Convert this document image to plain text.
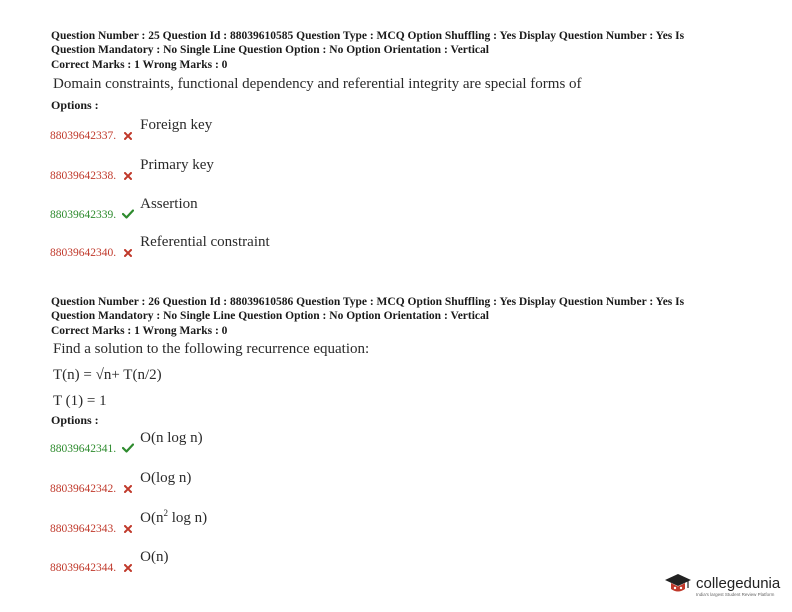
Question Number : 25 Question Id : 88039610585 Question Type : MCQ Option Shuffling : Yes Display Question Number : Yes Is
Question Mandatory : No Single Line Question Option : No Option Orientation : Vertical
Correct Marks : 1 Wrong Marks : 0
Domain constraints, functional dependency and referential integrity are special forms of
Options :
88039642337.
Foreign key
88039642338.
Primary key
88039642339.
Assertion
88039642340.
Referential constraint
Question Number : 26 Question Id : 88039610586 Question Type : MCQ Option Shuffling : Yes Display Question Number : Yes Is
Question Mandatory : No Single Line Question Option : No Option Orientation : Vertical
Correct Marks : 1 Wrong Marks : 0
Find a solution to the following recurrence equation:
T(n) = √n+ T(n/2)
T (1) = 1
Options :
88039642341.
O(n log n)
88039642342.
O(log n)
88039642343.
$O(n^2$ log n)
88039642344.
O(n)
collegedunia
India's largest Student Review Platform
